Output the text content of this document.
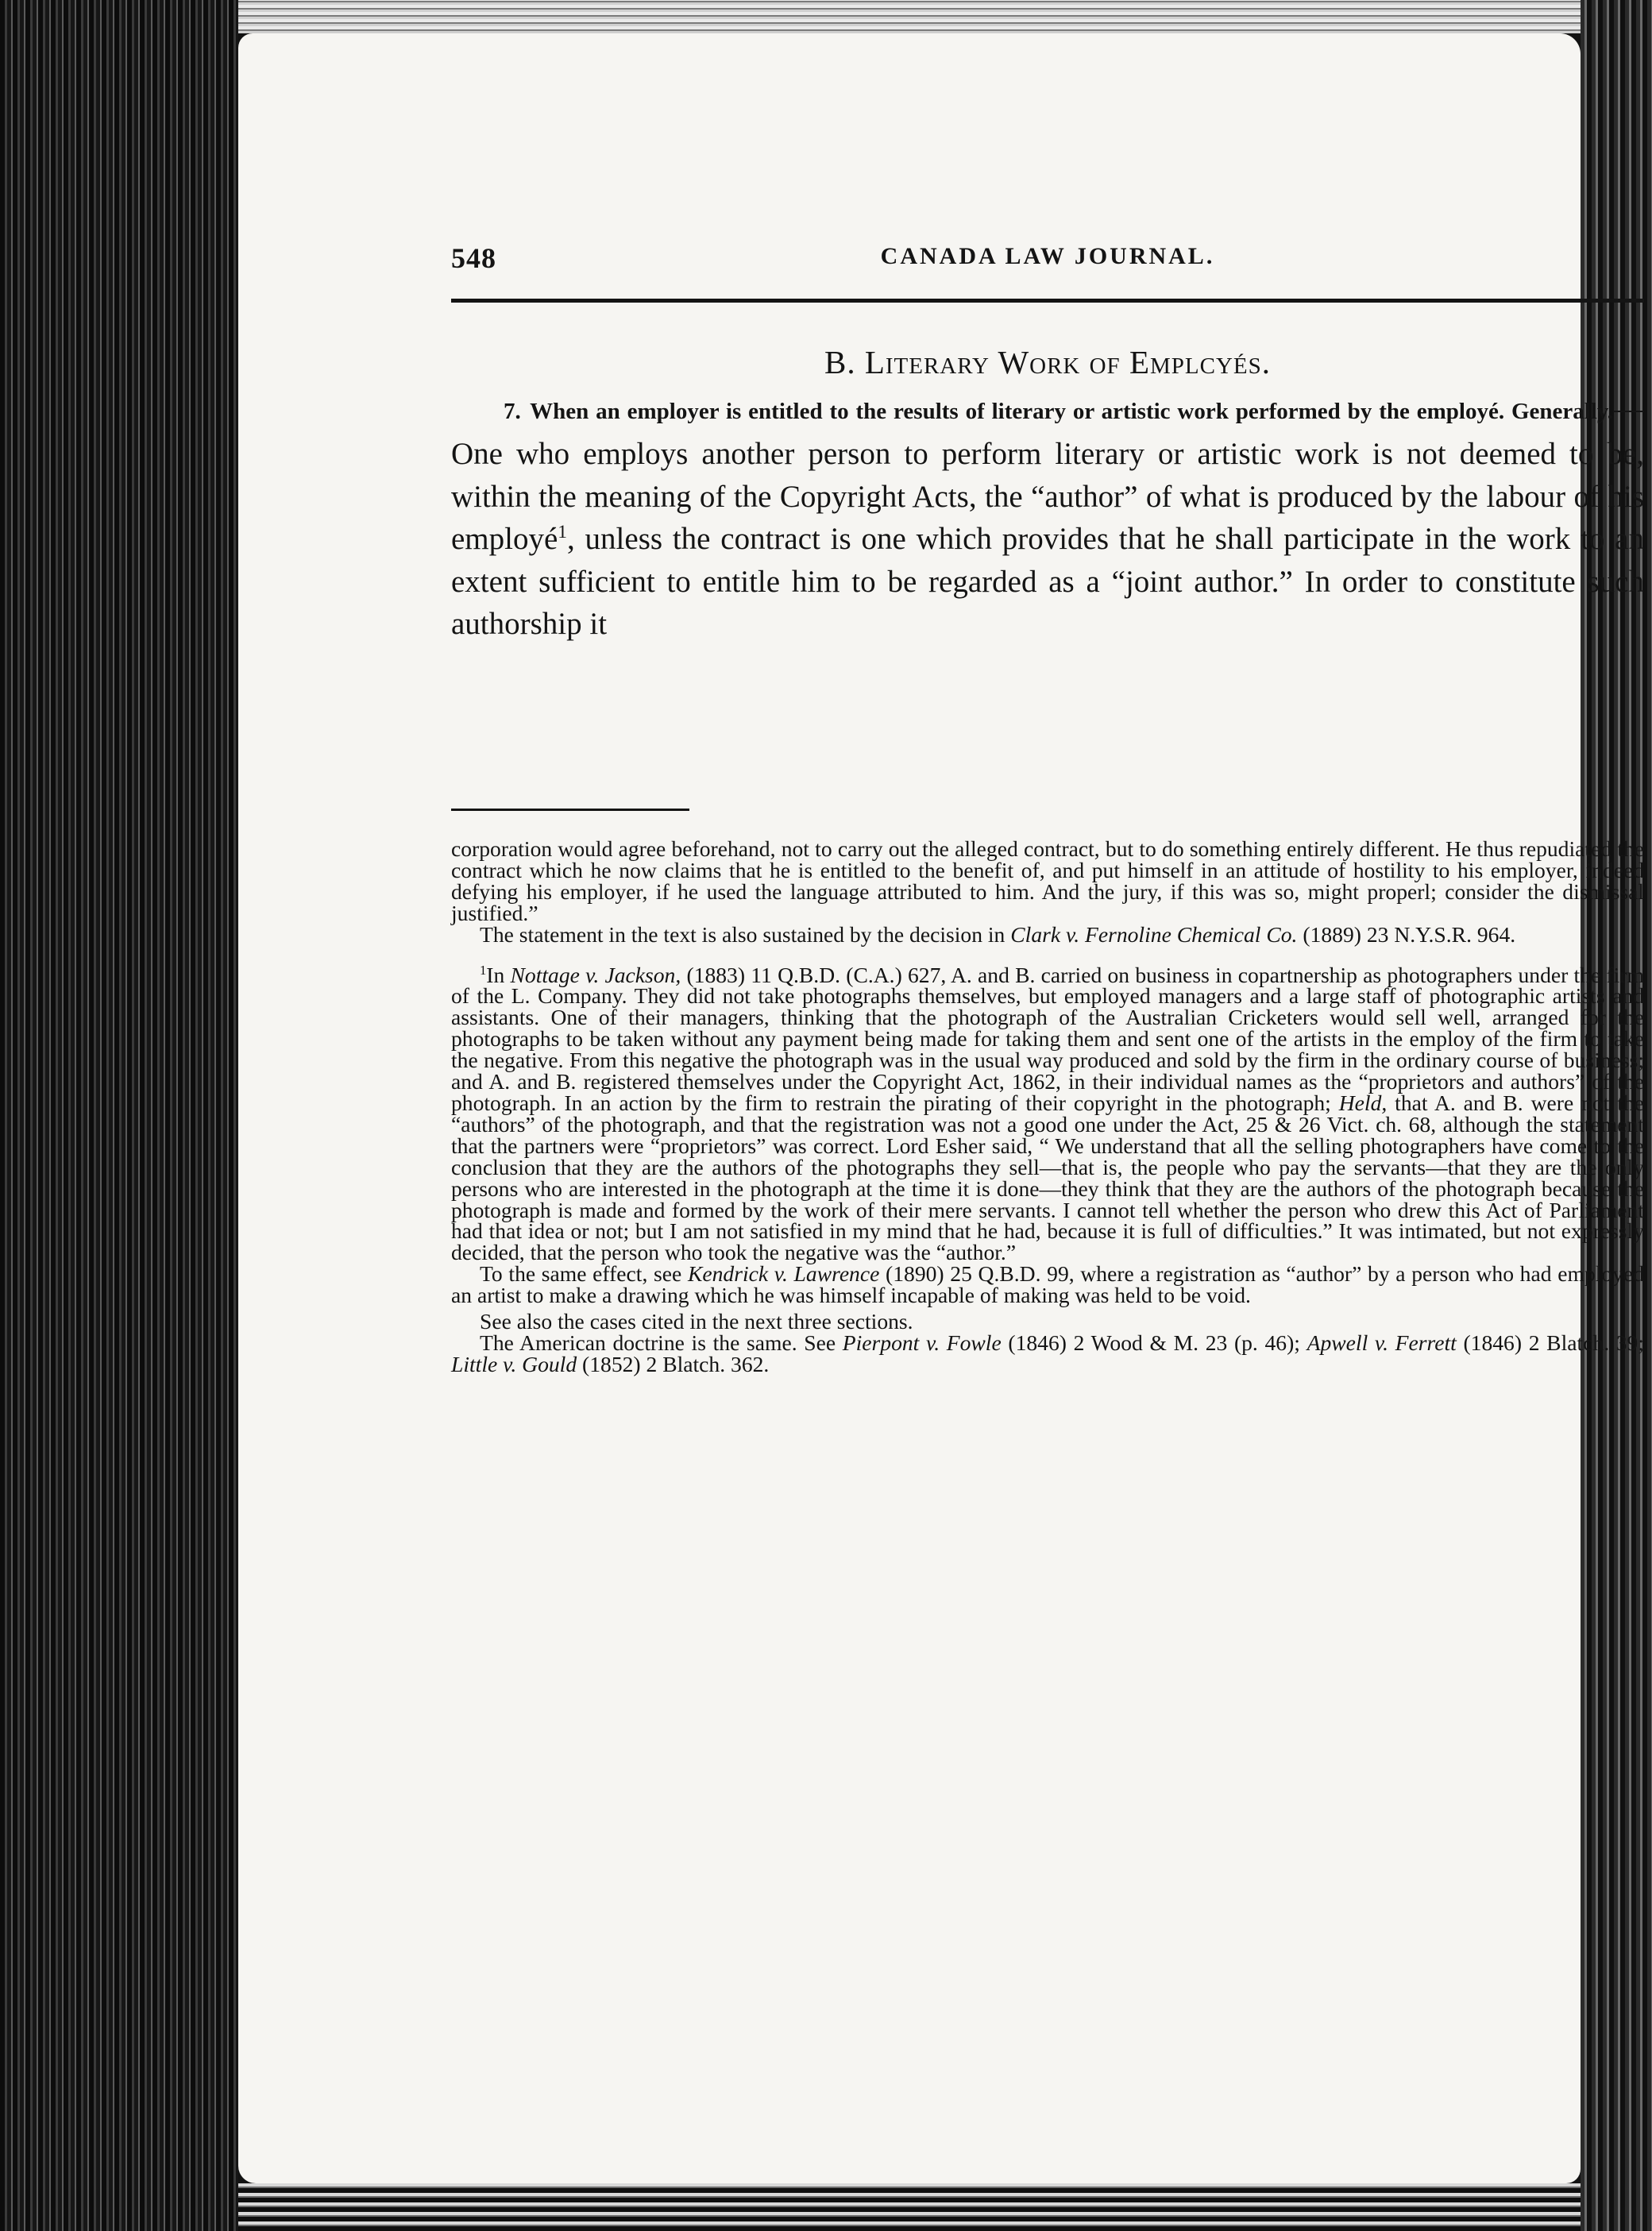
548	CANADA LAW JOURNAL.
B. Literary Work of Emplcyés.
7. When an employer is entitled to the results of literary or artistic work performed by the employé. Generally.—One who employs another person to perform literary or artistic work is not deemed to be, within the meaning of the Copyright Acts, the “author” of what is produced by the labour of his employé$^1$, unless the contract is one which provides that he shall participate in the work to an extent sufficient to entitle him to be regarded as a “joint author.” In order to constitute such authorship it

corporation would agree beforehand, not to carry out the alleged contract, but to do something entirely different. He thus repudiated the contract which he now claims that he is entitled to the benefit of, and put himself in an attitude of hostility to his employer, indeed defying his employer, if he used the language attributed to him. And the jury, if this was so, might properl; consider the dismissal justified.”

The statement in the text is also sustained by the decision in Clark v. Fernoline Chemical Co. (1889) 23 N.Y.S.R. 964.

$^1$In Nottage v. Jackson, (1883) 11 Q.B.D. (C.A.) 627, A. and B. carried on business in copartnership as photographers under the firm of the L. Company. They did not take photographs themselves, but employed managers and a large staff of photographic artists and assistants. One of their managers, thinking that the photograph of the Australian Cricketers would sell well, arranged for the photographs to be taken without any payment being made for taking them and sent one of the artists in the employ of the firm to take the negative. From this negative the photograph was in the usual way produced and sold by the firm in the ordinary course of business; and A. and B. registered themselves under the Copyright Act, 1862, in their individual names as the “proprietors and authors” of the photograph. In an action by the firm to restrain the pirating of their copyright in the photograph; Held, that A. and B. were not the “authors” of the photograph, and that the registration was not a good one under the Act, 25 & 26 Vict. ch. 68, although the statement that the partners were “proprietors” was correct. Lord Esher said, “ We understand that all the selling photographers have come to the conclusion that they are the authors of the photographs they sell—that is, the people who pay the servants—that they are the only persons who are interested in the photograph at the time it is done—they think that they are the authors of the photograph because the photograph is made and formed by the work of their mere servants. I cannot tell whether the person who drew this Act of Parliament had that idea or not; but I am not satisfied in my mind that he had, because it is full of difficulties.” It was intimated, but not expressly decided, that the person who took the negative was the “author.”

To the same effect, see Kendrick v. Lawrence (1890) 25 Q.B.D. 99, where a registration as “author” by a person who had employed an artist to make a drawing which he was himself incapable of making was held to be void.

See also the cases cited in the next three sections.

The American doctrine is the same. See Pierpont v. Fowle (1846) 2 Wood & M. 23 (p. 46); Apwell v. Ferrett (1846) 2 Blatch. 39; Little v. Gould (1852) 2 Blatch. 362.
